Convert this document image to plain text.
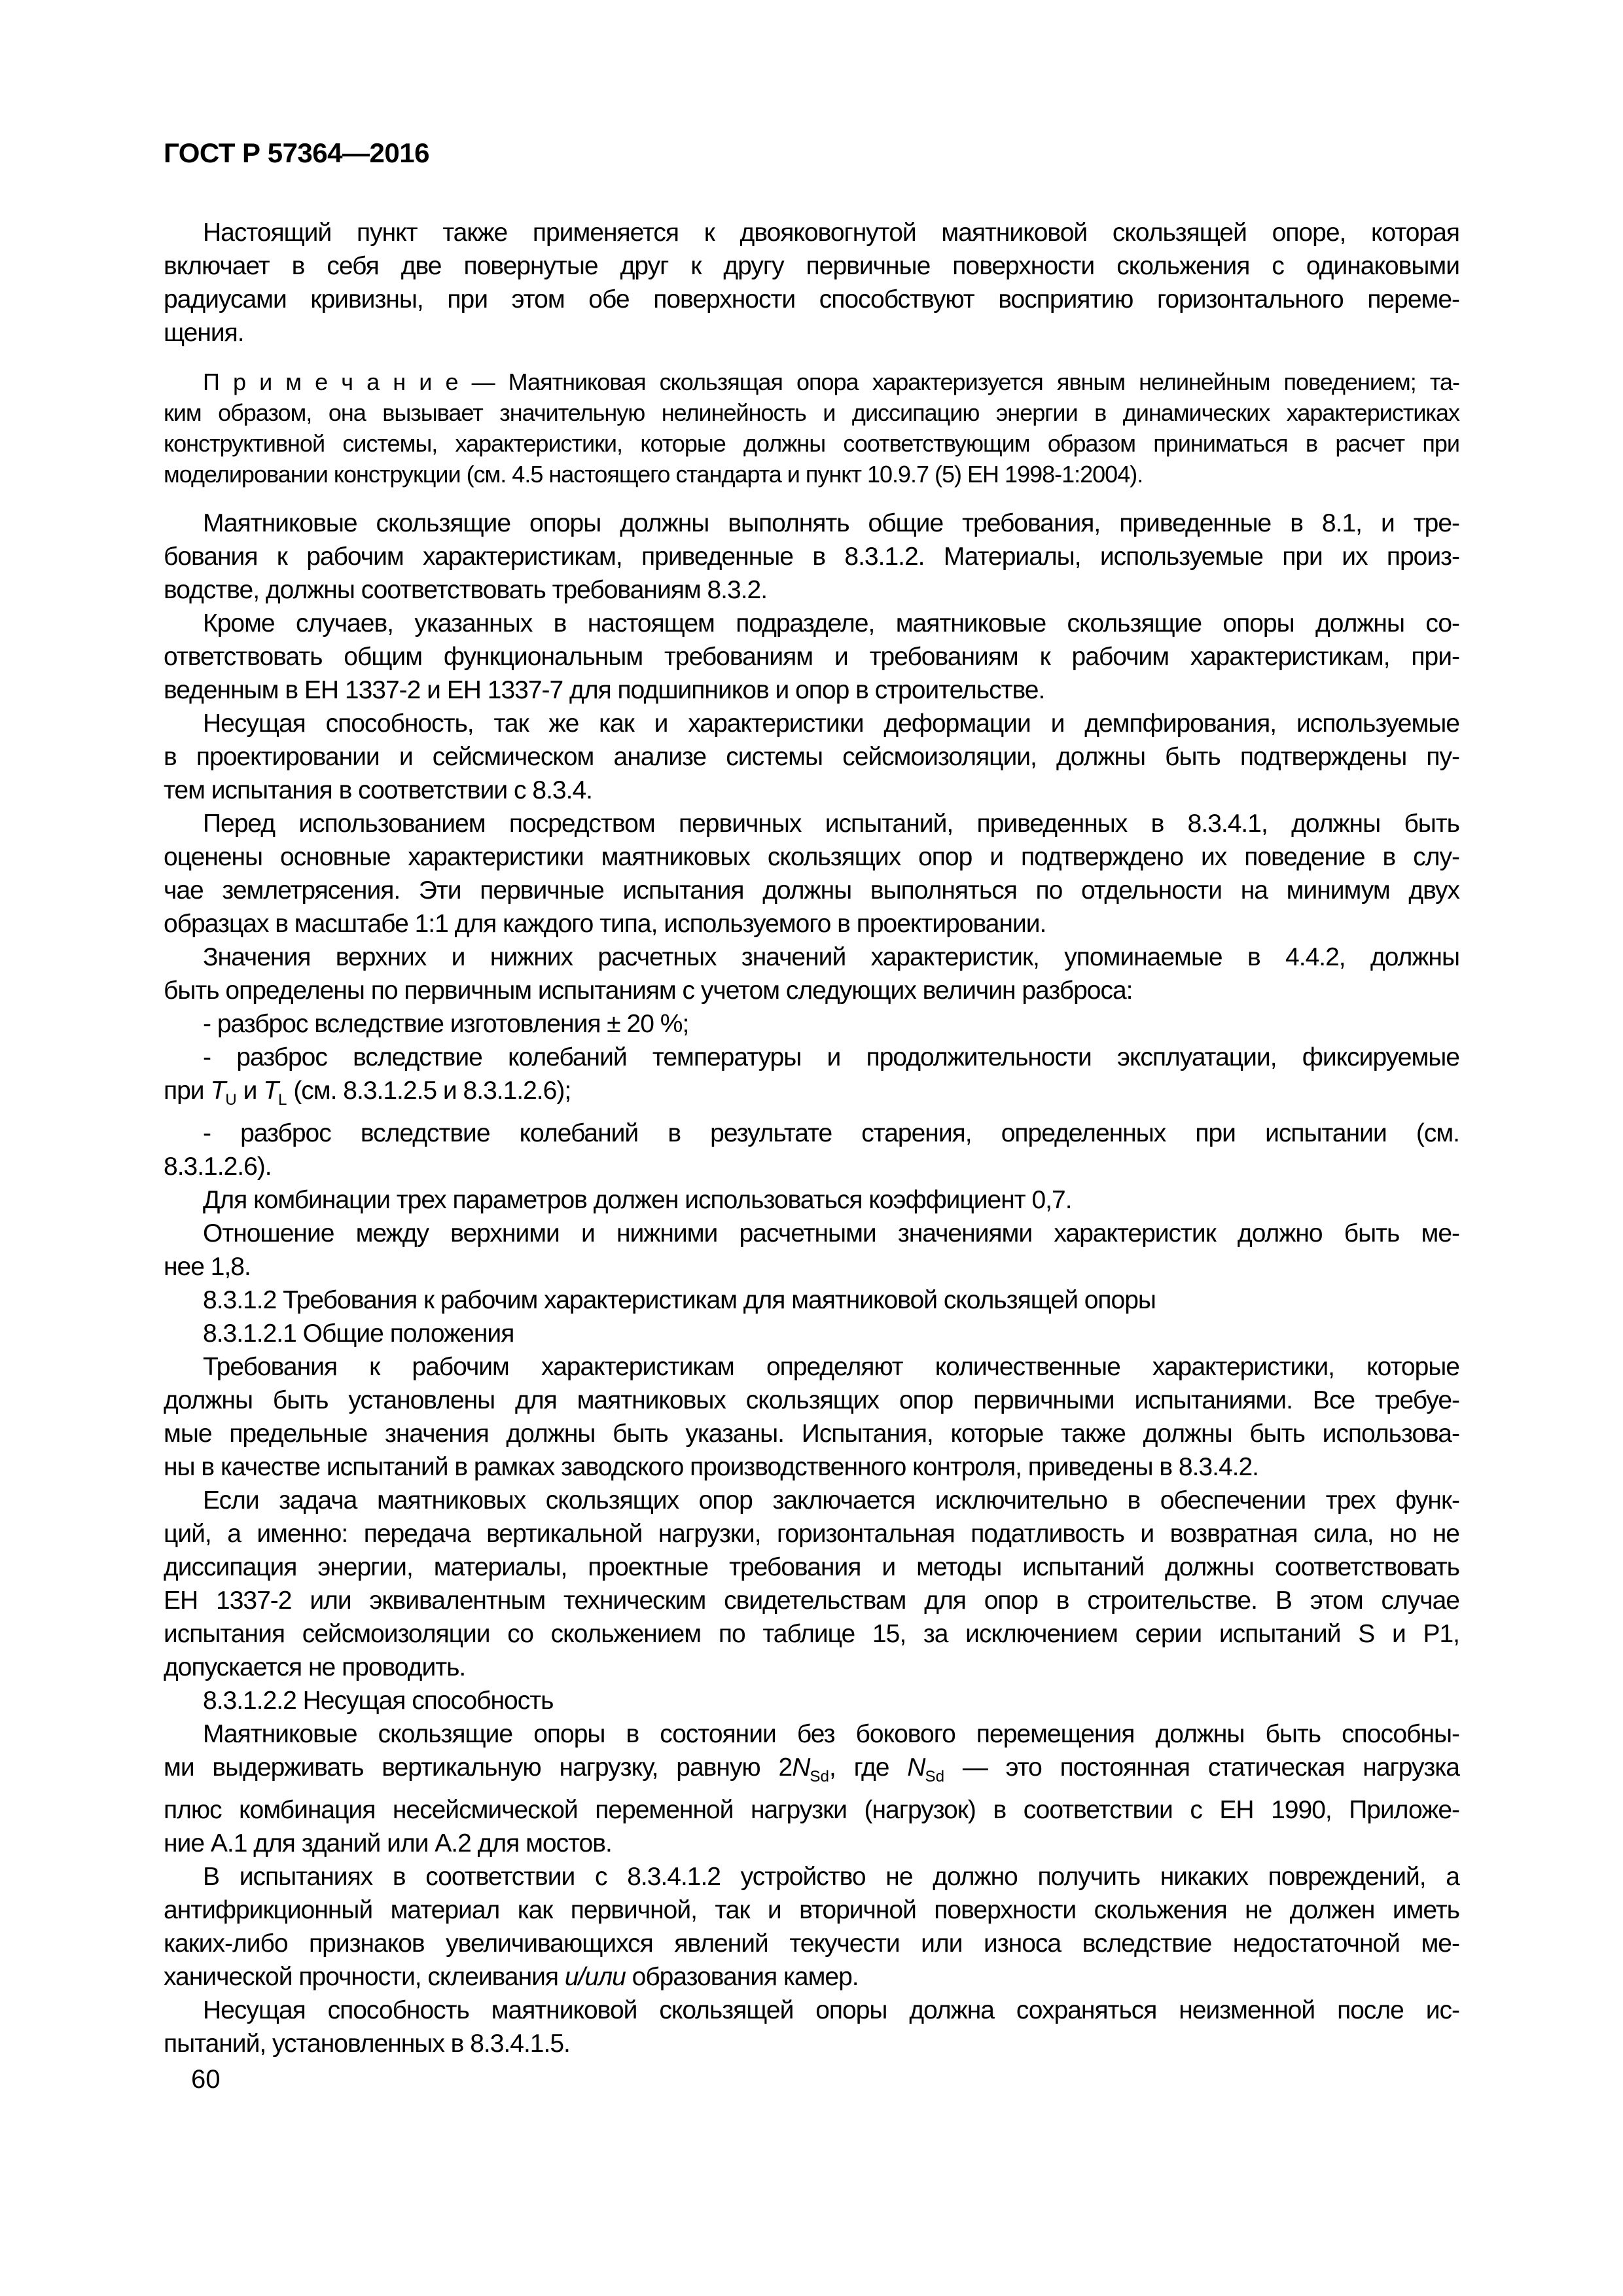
ГОСТ Р 57364—2016
Настоящий пункт также применяется к двояковогнутой маятниковой скользящей опоре, которая
включает в себя две повернутые друг к другу первичные поверхности скольжения с одинаковыми
радиусами кривизны, при этом обе поверхности способствуют восприятию горизонтального переме-
щения.
П р и м е ч а н и е — Маятниковая скользящая опора характеризуется явным нелинейным поведением; та-
ким образом, она вызывает значительную нелинейность и диссипацию энергии в динамических характеристиках
конструктивной системы, характеристики, которые должны соответствующим образом приниматься в расчет при
моделировании конструкции (см. 4.5 настоящего стандарта и пункт 10.9.7 (5) ЕН 1998-1:2004).
Маятниковые скользящие опоры должны выполнять общие требования, приведенные в 8.1, и тре-
бования к рабочим характеристикам, приведенные в 8.3.1.2. Материалы, используемые при их произ-
водстве, должны соответствовать требованиям 8.3.2.
Кроме случаев, указанных в настоящем подразделе, маятниковые скользящие опоры должны со-
ответствовать общим функциональным требованиям и требованиям к рабочим характеристикам, при-
веденным в ЕН 1337-2 и ЕН 1337-7 для подшипников и опор в строительстве.
Несущая способность, так же как и характеристики деформации и демпфирования, используемые
в проектировании и сейсмическом анализе системы сейсмоизоляции, должны быть подтверждены пу-
тем испытания в соответствии с 8.3.4.
Перед использованием посредством первичных испытаний, приведенных в 8.3.4.1, должны быть
оценены основные характеристики маятниковых скользящих опор и подтверждено их поведение в слу-
чае землетрясения. Эти первичные испытания должны выполняться по отдельности на минимум двух
образцах в масштабе 1:1 для каждого типа, используемого в проектировании.
Значения верхних и нижних расчетных значений характеристик, упоминаемые в 4.4.2, должны
быть определены по первичным испытаниям с учетом следующих величин разброса:
- разброс вследствие изготовления ± 20 %;
- разброс вследствие колебаний температуры и продолжительности эксплуатации, фиксируемые
при $T_U$ и $T_L$ (см. 8.3.1.2.5 и 8.3.1.2.6);
- разброс вследствие колебаний в результате старения, определенных при испытании (см.
8.3.1.2.6).
Для комбинации трех параметров должен использоваться коэффициент 0,7.
Отношение между верхними и нижними расчетными значениями характеристик должно быть ме-
нее 1,8.
8.3.1.2 Требования к рабочим характеристикам для маятниковой скользящей опоры
8.3.1.2.1 Общие положения
Требования к рабочим характеристикам определяют количественные характеристики, которые
должны быть установлены для маятниковых скользящих опор первичными испытаниями. Все требуе-
мые предельные значения должны быть указаны. Испытания, которые также должны быть использова-
ны в качестве испытаний в рамках заводского производственного контроля, приведены в 8.3.4.2.
Если задача маятниковых скользящих опор заключается исключительно в обеспечении трех функ-
ций, а именно: передача вертикальной нагрузки, горизонтальная податливость и возвратная сила, но не
диссипация энергии, материалы, проектные требования и методы испытаний должны соответствовать
ЕН 1337-2 или эквивалентным техническим свидетельствам для опор в строительстве. В этом случае
испытания сейсмоизоляции со скольжением по таблице 15, за исключением серии испытаний S и Р1,
допускается не проводить.
8.3.1.2.2 Несущая способность
Маятниковые скользящие опоры в состоянии без бокового перемещения должны быть способны-
ми выдерживать вертикальную нагрузку, равную $2N_{Sd}$, где $N_{Sd}$ — это постоянная статическая нагрузка
плюс комбинация несейсмической переменной нагрузки (нагрузок) в соответствии с ЕН 1990, Приложе-
ние А.1 для зданий или А.2 для мостов.
В испытаниях в соответствии с 8.3.4.1.2 устройство не должно получить никаких повреждений, а
антифрикционный материал как первичной, так и вторичной поверхности скольжения не должен иметь
каких-либо признаков увеличивающихся явлений текучести или износа вследствие недостаточной ме-
ханической прочности, склеивания и/или образования камер.
Несущая способность маятниковой скользящей опоры должна сохраняться неизменной после ис-
пытаний, установленных в 8.3.4.1.5.
60
